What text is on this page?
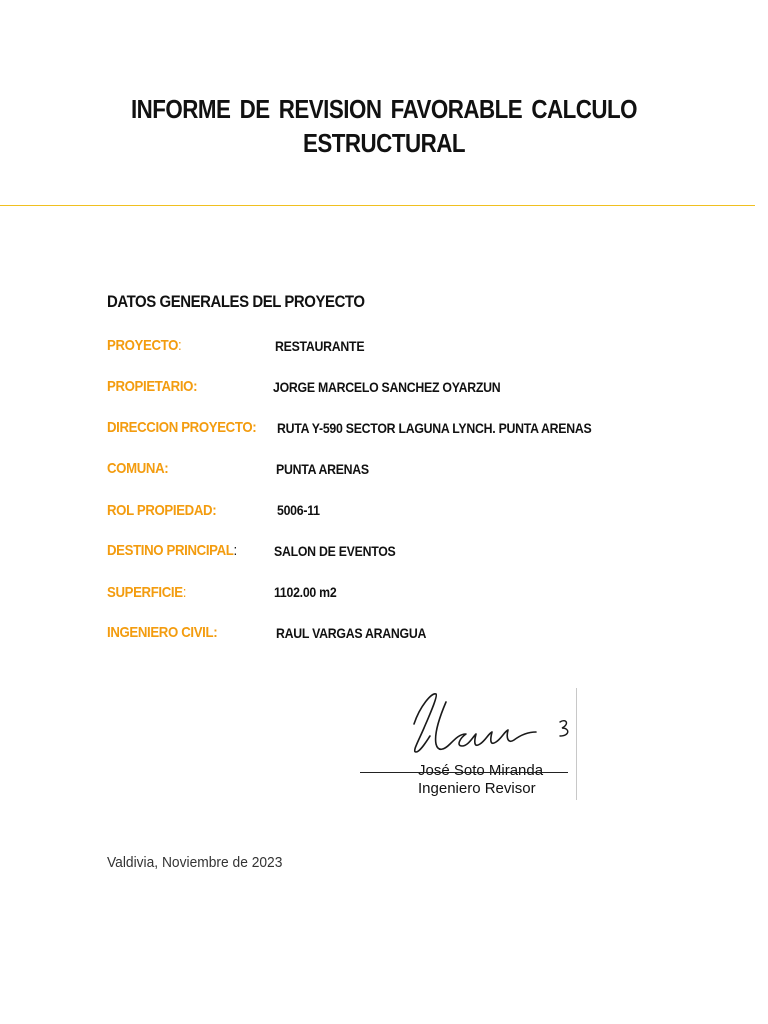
INFORME DE REVISION FAVORABLE CALCULO
ESTRUCTURAL
DATOS GENERALES DEL PROYECTO
PROYECTO:	RESTAURANTE
PROPIETARIO:	JORGE MARCELO SANCHEZ OYARZUN
DIRECCION PROYECTO: RUTA Y-590 SECTOR LAGUNA LYNCH. PUNTA ARENAS
COMUNA:	PUNTA ARENAS
ROL PROPIEDAD:	5006-11
DESTINO PRINCIPAL:	SALON DE EVENTOS
SUPERFICIE:	1102.00 m2
INGENIERO CIVIL:	RAUL VARGAS ARANGUA
José Soto Miranda
Ingeniero Revisor
Valdivia, Noviembre de 2023
